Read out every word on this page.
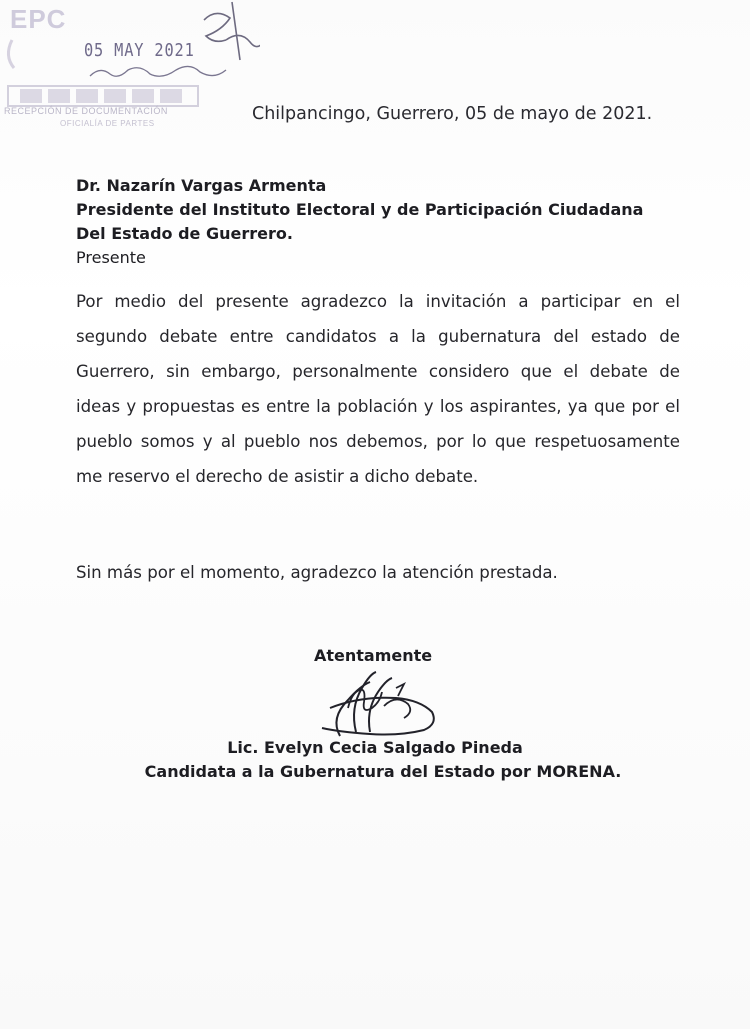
EPC
05 MAY 2021
RECEPCIÓN DE DOCUMENTACIÓN
OFICIALÍA DE PARTES	Chilpancingo, Guerrero, 05 de mayo de 2021.
Dr. Nazarín Vargas Armenta
Presidente del Instituto Electoral y de Participación Ciudadana
Del Estado de Guerrero.
Presente
Por medio del presente agradezco la invitación a participar en el segundo debate entre candidatos a la gubernatura del estado de Guerrero, sin embargo, personalmente considero que el debate de ideas y propuestas es entre la población y los aspirantes, ya que por el pueblo somos y al pueblo nos debemos, por lo que respetuosamente me reservo el derecho de asistir a dicho debate.
Sin más por el momento, agradezco la atención prestada.
Atentamente
Lic. Evelyn Cecia Salgado Pineda
Candidata a la Gubernatura del Estado por MORENA.
